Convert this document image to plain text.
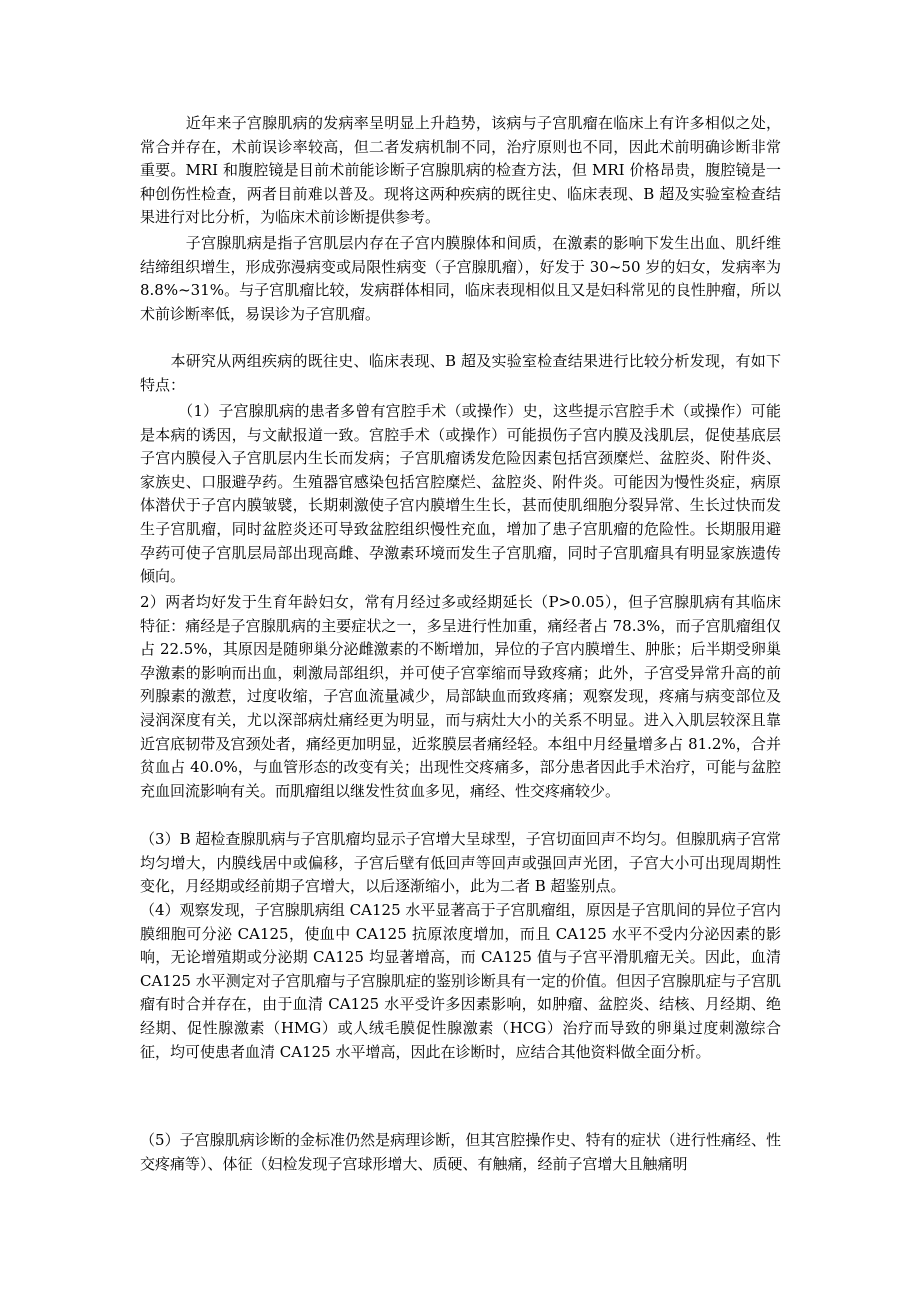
　　　近年来子宫腺肌病的发病率呈明显上升趋势，该病与子宫肌瘤在临床上有许多相似之处，常合并存在，术前误诊率较高，但二者发病机制不同，治疗原则也不同，因此术前明确诊断非常重要。MRI 和腹腔镜是目前术前能诊断子宫腺肌病的检查方法，但 MRI 价格昂贵，腹腔镜是一种创伤性检查，两者目前难以普及。现将这两种疾病的既往史、临床表现、B 超及实验室检查结果进行对比分析，为临床术前诊断提供参考。

　　　子宫腺肌病是指子宫肌层内存在子宫内膜腺体和间质，在激素的影响下发生出血、肌纤维结缔组织增生，形成弥漫病变或局限性病变（子宫腺肌瘤），好发于 30~50 岁的妇女，发病率为 8.8%~31%。与子宫肌瘤比较，发病群体相同，临床表现相似且又是妇科常见的良性肿瘤，所以术前诊断率低，易误诊为子宫肌瘤。

　　本研究从两组疾病的既往史、临床表现、B 超及实验室检查结果进行比较分析发现，有如下特点：

　　　（1）子宫腺肌病的患者多曾有宫腔手术（或操作）史，这些提示宫腔手术（或操作）可能是本病的诱因，与文献报道一致。宫腔手术（或操作）可能损伤子宫内膜及浅肌层，促使基底层子宫内膜侵入子宫肌层内生长而发病；子宫肌瘤诱发危险因素包括宫颈糜烂、盆腔炎、附件炎、家族史、口服避孕药。生殖器官感染包括宫腔糜烂、盆腔炎、附件炎。可能因为慢性炎症，病原体潜伏于子宫内膜皱襞，长期刺激使子宫内膜增生生长，甚而使肌细胞分裂异常、生长过快而发生子宫肌瘤，同时盆腔炎还可导致盆腔组织慢性充血，增加了患子宫肌瘤的危险性。长期服用避孕药可使子宫肌层局部出现高雌、孕激素环境而发生子宫肌瘤，同时子宫肌瘤具有明显家族遗传倾向。

2）两者均好发于生育年龄妇女，常有月经过多或经期延长（P>0.05），但子宫腺肌病有其临床特征：痛经是子宫腺肌病的主要症状之一，多呈进行性加重，痛经者占 78.3%，而子宫肌瘤组仅占 22.5%，其原因是随卵巢分泌雌激素的不断增加，异位的子宫内膜增生、肿胀；后半期受卵巢孕激素的影响而出血，刺激局部组织，并可使子宫挛缩而导致疼痛；此外，子宫受异常升高的前列腺素的激惹，过度收缩，子宫血流量减少，局部缺血而致疼痛；观察发现，疼痛与病变部位及浸润深度有关，尤以深部病灶痛经更为明显，而与病灶大小的关系不明显。进入入肌层较深且靠近宫底韧带及宫颈处者，痛经更加明显，近浆膜层者痛经轻。本组中月经量增多占 81.2%，合并贫血占 40.0%，与血管形态的改变有关；出现性交疼痛多，部分患者因此手术治疗，可能与盆腔充血回流影响有关。而肌瘤组以继发性贫血多见，痛经、性交疼痛较少。

（3）B 超检查腺肌病与子宫肌瘤均显示子宫增大呈球型，子宫切面回声不均匀。但腺肌病子宫常均匀增大，内膜线居中或偏移，子宫后壁有低回声等回声或强回声光团，子宫大小可出现周期性变化，月经期或经前期子宫增大，以后逐渐缩小，此为二者 B 超鉴别点。

（4）观察发现，子宫腺肌病组 CA125 水平显著高于子宫肌瘤组，原因是子宫肌间的异位子宫内膜细胞可分泌 CA125，使血中 CA125 抗原浓度增加，而且 CA125 水平不受内分泌因素的影响，无论增殖期或分泌期 CA125 均显著增高，而 CA125 值与子宫平滑肌瘤无关。因此，血清 CA125 水平测定对子宫肌瘤与子宫腺肌症的鉴别诊断具有一定的价值。但因子宫腺肌症与子宫肌瘤有时合并存在，由于血清 CA125 水平受许多因素影响，如肿瘤、盆腔炎、结核、月经期、绝经期、促性腺激素（HMG）或人绒毛膜促性腺激素（HCG）治疗而导致的卵巢过度刺激综合征，均可使患者血清 CA125 水平增高，因此在诊断时，应结合其他资料做全面分析。

（5）子宫腺肌病诊断的金标准仍然是病理诊断，但其宫腔操作史、特有的症状（进行性痛经、性交疼痛等）、体征（妇检发现子宫球形增大、质硬、有触痛，经前子宫增大且触痛明
